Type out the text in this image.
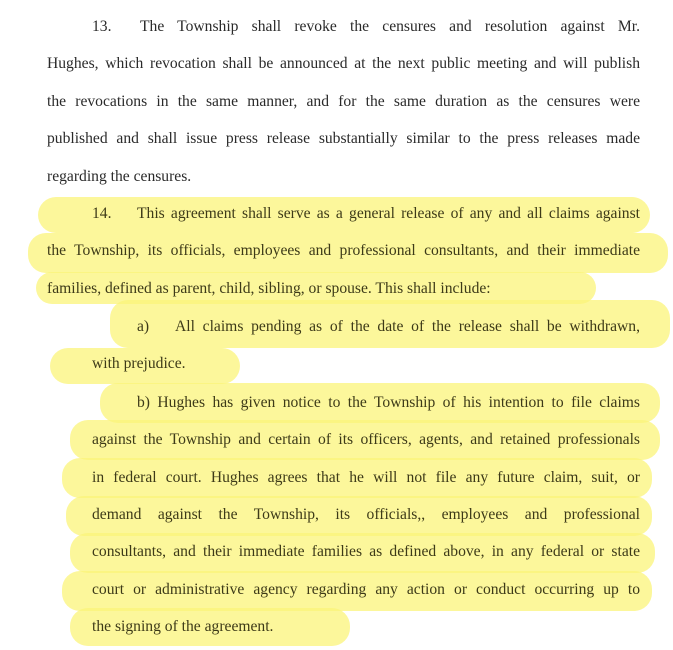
13. The Township shall revoke the censures and resolution against Mr.
Hughes, which revocation shall be announced at the next public meeting and will publish
the revocations in the same manner, and for the same duration as the censures were
published and shall issue press release substantially similar to the press releases made
regarding the censures.
14. This agreement shall serve as a general release of any and all claims against
the Township, its officials, employees and professional consultants, and their immediate
families, defined as parent, child, sibling, or spouse. This shall include:
a) All claims pending as of the date of the release shall be withdrawn,
with prejudice.
b) Hughes has given notice to the Township of his intention to file claims
against the Township and certain of its officers, agents, and retained professionals
in federal court. Hughes agrees that he will not file any future claim, suit, or
demand against the Township, its officials,, employees and professional
consultants, and their immediate families as defined above, in any federal or state
court or administrative agency regarding any action or conduct occurring up to
the signing of the agreement.
